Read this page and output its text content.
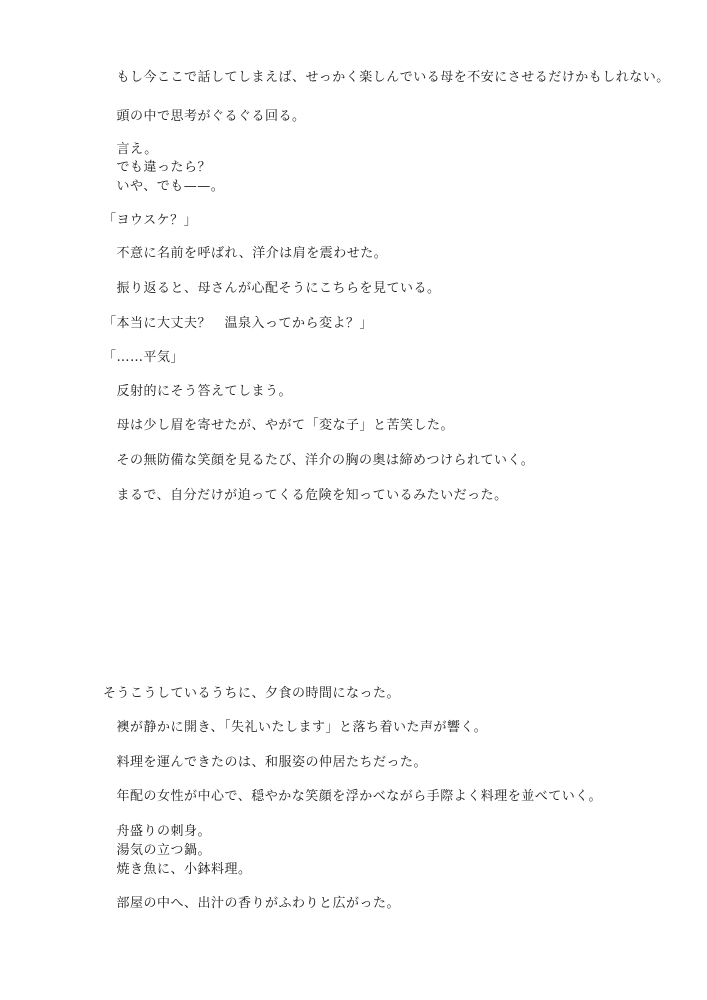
　もし今ここで話してしまえば、せっかく楽しんでいる母を不安にさせるだけかもしれない。
　頭の中で思考がぐるぐる回る。
　言え。
　でも違ったら？
　いや、でも——。
「ヨウスケ？」
　不意に名前を呼ばれ、洋介は肩を震わせた。
　振り返ると、母さんが心配そうにこちらを見ている。
「本当に大丈夫？　温泉入ってから変よ？」
「……平気」
　反射的にそう答えてしまう。
　母は少し眉を寄せたが、やがて「変な子」と苦笑した。
　その無防備な笑顔を見るたび、洋介の胸の奥は締めつけられていく。
　まるで、自分だけが迫ってくる危険を知っているみたいだった。
そうこうしているうちに、夕食の時間になった。
　襖が静かに開き、「失礼いたします」と落ち着いた声が響く。
　料理を運んできたのは、和服姿の仲居たちだった。
　年配の女性が中心で、穏やかな笑顔を浮かべながら手際よく料理を並べていく。
　舟盛りの刺身。
　湯気の立つ鍋。
　焼き魚に、小鉢料理。
　部屋の中へ、出汁の香りがふわりと広がった。
